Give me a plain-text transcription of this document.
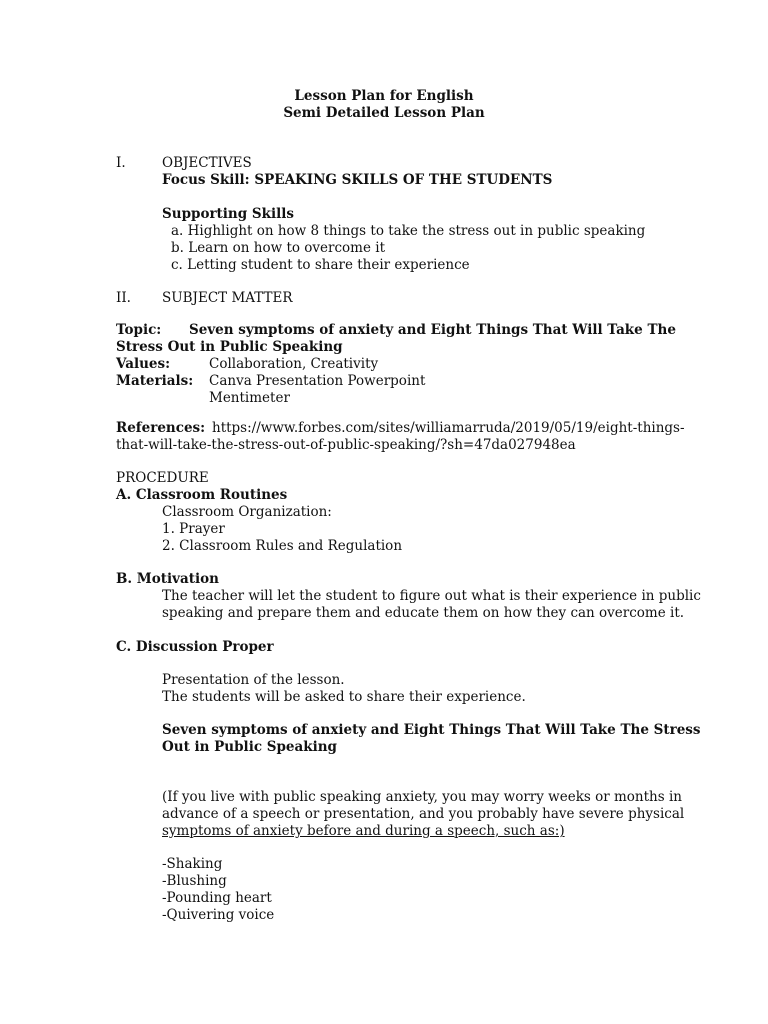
Lesson Plan for English
Semi Detailed Lesson Plan
I.	OBJECTIVES
Focus Skill: SPEAKING SKILLS OF THE STUDENTS
Supporting Skills
a. Highlight on how 8 things to take the stress out in public speaking
b. Learn on how to overcome it
c. Letting student to share their experience
II. SUBJECT MATTER
Topic: Seven symptoms of anxiety and Eight Things That Will Take The
Stress Out in Public Speaking
Values:	Collaboration, Creativity
Materials: Canva Presentation Powerpoint
Mentimeter
References: https://www.forbes.com/sites/williamarruda/2019/05/19/eight-things-
that-will-take-the-stress-out-of-public-speaking/?sh=47da027948ea
PROCEDURE
A. Classroom Routines
Classroom Organization:
1. Prayer
2. Classroom Rules and Regulation
B. Motivation
The teacher will let the student to figure out what is their experience in public
speaking and prepare them and educate them on how they can overcome it.
C. Discussion Proper
Presentation of the lesson.
The students will be asked to share their experience.
Seven symptoms of anxiety and Eight Things That Will Take The Stress
Out in Public Speaking
(If you live with public speaking anxiety, you may worry weeks or months in
advance of a speech or presentation, and you probably have severe physical
symptoms of anxiety before and during a speech, such as:)
-Shaking
-Blushing
-Pounding heart
-Quivering voice
